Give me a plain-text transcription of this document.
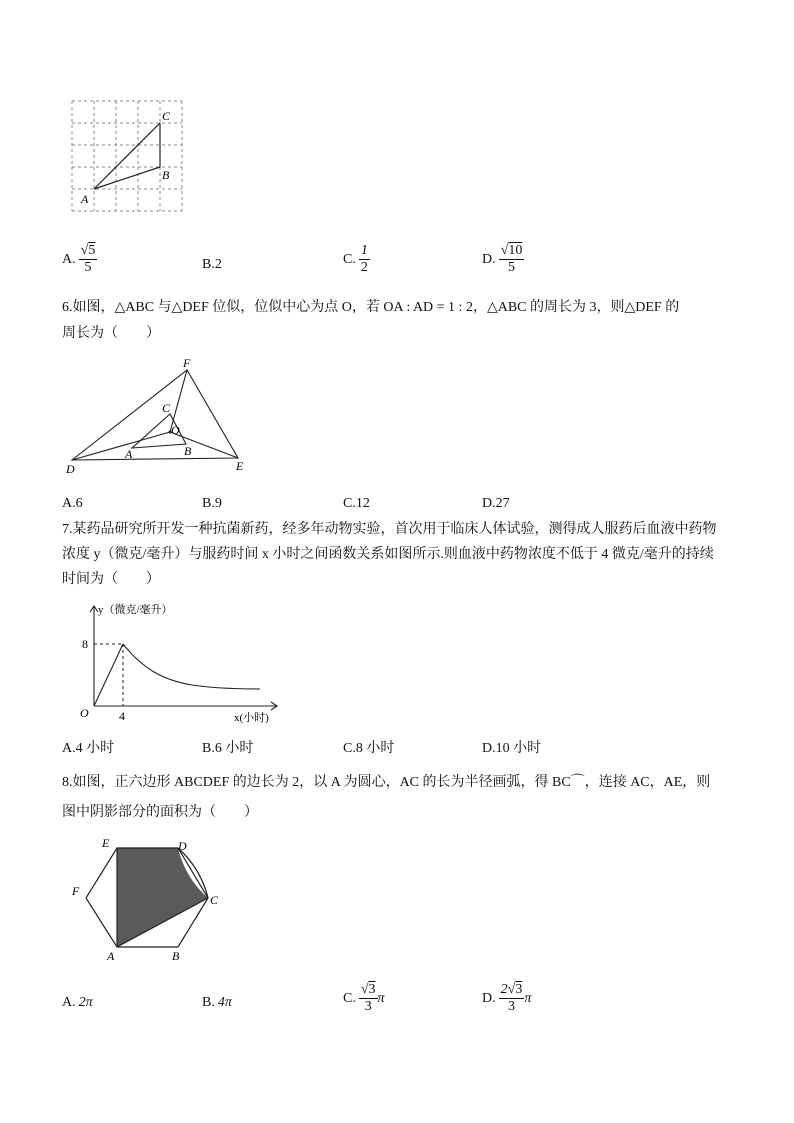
C
B
A
A. $\frac{√5}{5}$	B. 2	C. $\frac{1}{2}$	D. $\frac{√10}{5}$
6.如图，△ABC 与△DEF 位似，位似中心为点 O，若 OA : AD = 1 : 2，△ABC 的周长为 3，则△DEF 的
周长为（　　）
F
C
O
A	B
D	E
A.6	B.9	C.12	D.27
7.某药品研究所开发一种抗菌新药，经多年动物实验，首次用于临床人体试验，测得成人服药后血液中药物
浓度 y（微克/毫升）与服药时间 x 小时之间函数关系如图所示.则血液中药物浓度不低于 4 微克/毫升的持续
时间为（　　）
y（微克/毫升）
x(小时)
O
8
4
A.4 小时	B.6 小时	C.8 小时	D.10 小时
8.如图，正六边形 ABCDEF 的边长为 2，以 A 为圆心，AC 的长为半径画弧，得 BC⌒，连接 AC，AE，则
图中阴影部分的面积为（　　）
E	D
F
C
A	B
A. 2π	B. 4π	C. $\frac{√3}{3}$ π	D. $\frac{2√3}{3}$ π
